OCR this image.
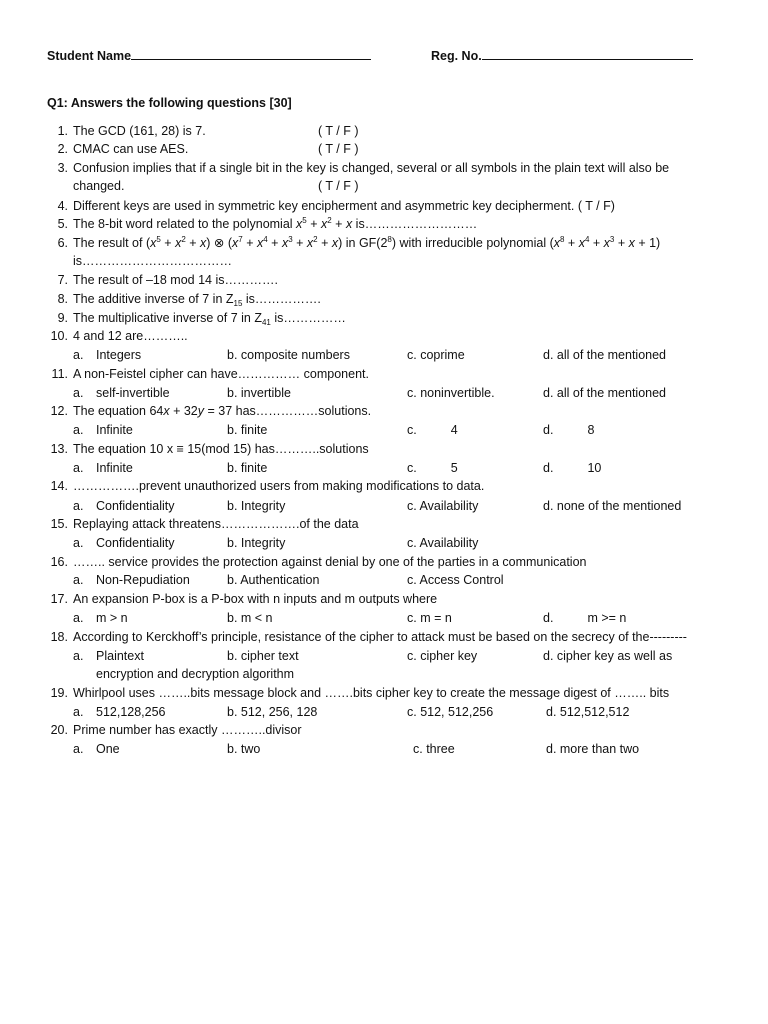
Student Name	Reg. No.
Q1: Answers the following questions [30]
1. The GCD (161, 28) is 7.	( T / F )
2. CMAC can use AES.	( T / F )
3. Confusion implies that if a single bit in the key is changed, several or all symbols in the plain text will also be
changed.	( T / F )
4. Different keys are used in symmetric key encipherment and asymmetric key decipherment. ( T / F)
5. The 8-bit word related to the polynomial $x^5 + x^2 + x$ is………………………
6. The result of $(x^5 + x^2 + x)$ ⊗ $(x^7 + x^4 + x^3 + x^2 + x)$ in $GF(2^8)$ with irreducible polynomial $(x^8 + x^4 + x^3 + x + 1)$
is………………………………
7. The result of –18 mod 14 is………….
8. The additive inverse of 7 in $Z_{15}$ is…………….
9. The multiplicative inverse of 7 in $Z_{41}$ is……………
10. 4 and 12 are………..
a. Integers	b. composite numbers	c. coprime	d. all of the mentioned
11. A non-Feistel cipher can have…………… component.
a. self-invertible	b. invertible	c. noninvertible.	d. all of the mentioned
12. The equation 64x + 32y = 37 has……………solutions.
a. Infinite	b. finite	c.	4	d.	8
13. The equation 10 x ≡ 15(mod 15) has………..solutions
a. Infinite	b. finite	c.	5	d.	10
14. …………….prevent unauthorized users from making modifications to data.
a. Confidentiality	b. Integrity	c. Availability	d. none of the mentioned
15. Replaying attack threatens……………….of the data
a. Confidentiality	b. Integrity	c. Availability
16. …….. service provides the protection against denial by one of the parties in a communication
a. Non-Repudiation	b. Authentication	c. Access Control
17. An expansion P-box is a P-box with n inputs and m outputs where
a. m > n	b. m < n	c. m = n	d.	m >= n
18. According to Kerckhoff’s principle, resistance of the cipher to attack must be based on the secrecy of the---------
a. Plaintext	b. cipher text	c. cipher key	d. cipher key as well as
encryption and decryption algorithm
19. Whirlpool uses ……..bits message block and …….bits cipher key to create the message digest of …….. bits
a. 512,128,256	b. 512, 256, 128	c. 512, 512,256	d. 512,512,512
20. Prime number has exactly ………..divisor
a. One	b. two	c. three	d. more than two
